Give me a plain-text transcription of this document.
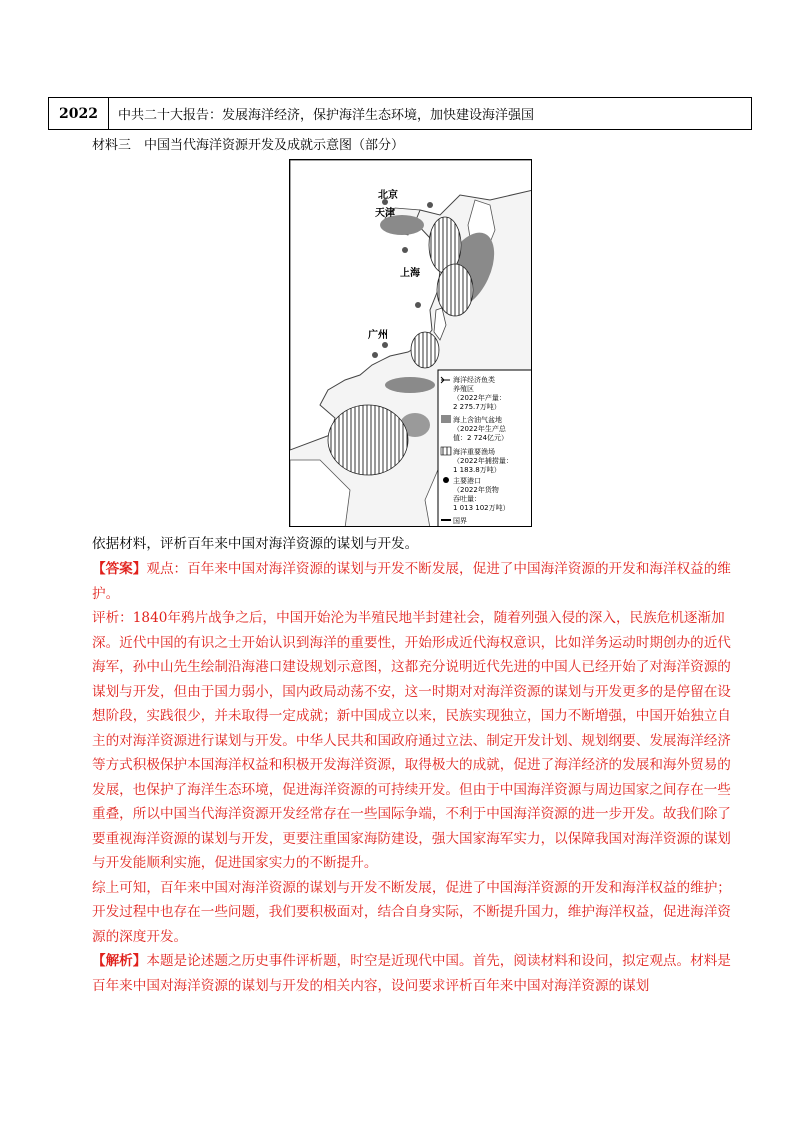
2022	中共二十大报告：发展海洋经济，保护海洋生态环境，加快建设海洋强国
材料三　中国当代海洋资源开发及成就示意图（部分）
北京
天津
上海
广州
海洋经济鱼类
养殖区
（2022年产量：
2 275.7万吨）
海上含油气盆地
（2022年生产总
值：2 724亿元）
海洋重要渔场
（2022年捕捞量：
1 183.8万吨）
主要港口
（2022年货物
吞吐量：
1 013 102万吨）
国界
依据材料，评析百年来中国对海洋资源的谋划与开发。

【答案】观点：百年来中国对海洋资源的谋划与开发不断发展，促进了中国海洋资源的开发和海洋权益的维护。

评析：1840年鸦片战争之后，中国开始沦为半殖民地半封建社会，随着列强入侵的深入，民族危机逐渐加深。近代中国的有识之士开始认识到海洋的重要性，开始形成近代海权意识，比如洋务运动时期创办的近代海军，孙中山先生绘制沿海港口建设规划示意图，这都充分说明近代先进的中国人已经开始了对海洋资源的谋划与开发，但由于国力弱小，国内政局动荡不安，这一时期对对海洋资源的谋划与开发更多的是停留在设想阶段，实践很少，并未取得一定成就；新中国成立以来，民族实现独立，国力不断增强，中国开始独立自主的对海洋资源进行谋划与开发。中华人民共和国政府通过立法、制定开发计划、规划纲要、发展海洋经济等方式积极保护本国海洋权益和积极开发海洋资源，取得极大的成就，促进了海洋经济的发展和海外贸易的发展，也保护了海洋生态环境，促进海洋资源的可持续开发。但由于中国海洋资源与周边国家之间存在一些重叠，所以中国当代海洋资源开发经常存在一些国际争端，不利于中国海洋资源的进一步开发。故我们除了要重视海洋资源的谋划与开发，更要注重国家海防建设，强大国家海军实力，以保障我国对海洋资源的谋划与开发能顺利实施，促进国家实力的不断提升。

综上可知，百年来中国对海洋资源的谋划与开发不断发展，促进了中国海洋资源的开发和海洋权益的维护；开发过程中也存在一些问题，我们要积极面对，结合自身实际，不断提升国力，维护海洋权益，促进海洋资源的深度开发。

【解析】本题是论述题之历史事件评析题，时空是近现代中国。首先，阅读材料和设问，拟定观点。材料是百年来中国对海洋资源的谋划与开发的相关内容，设问要求评析百年来中国对海洋资源的谋划
